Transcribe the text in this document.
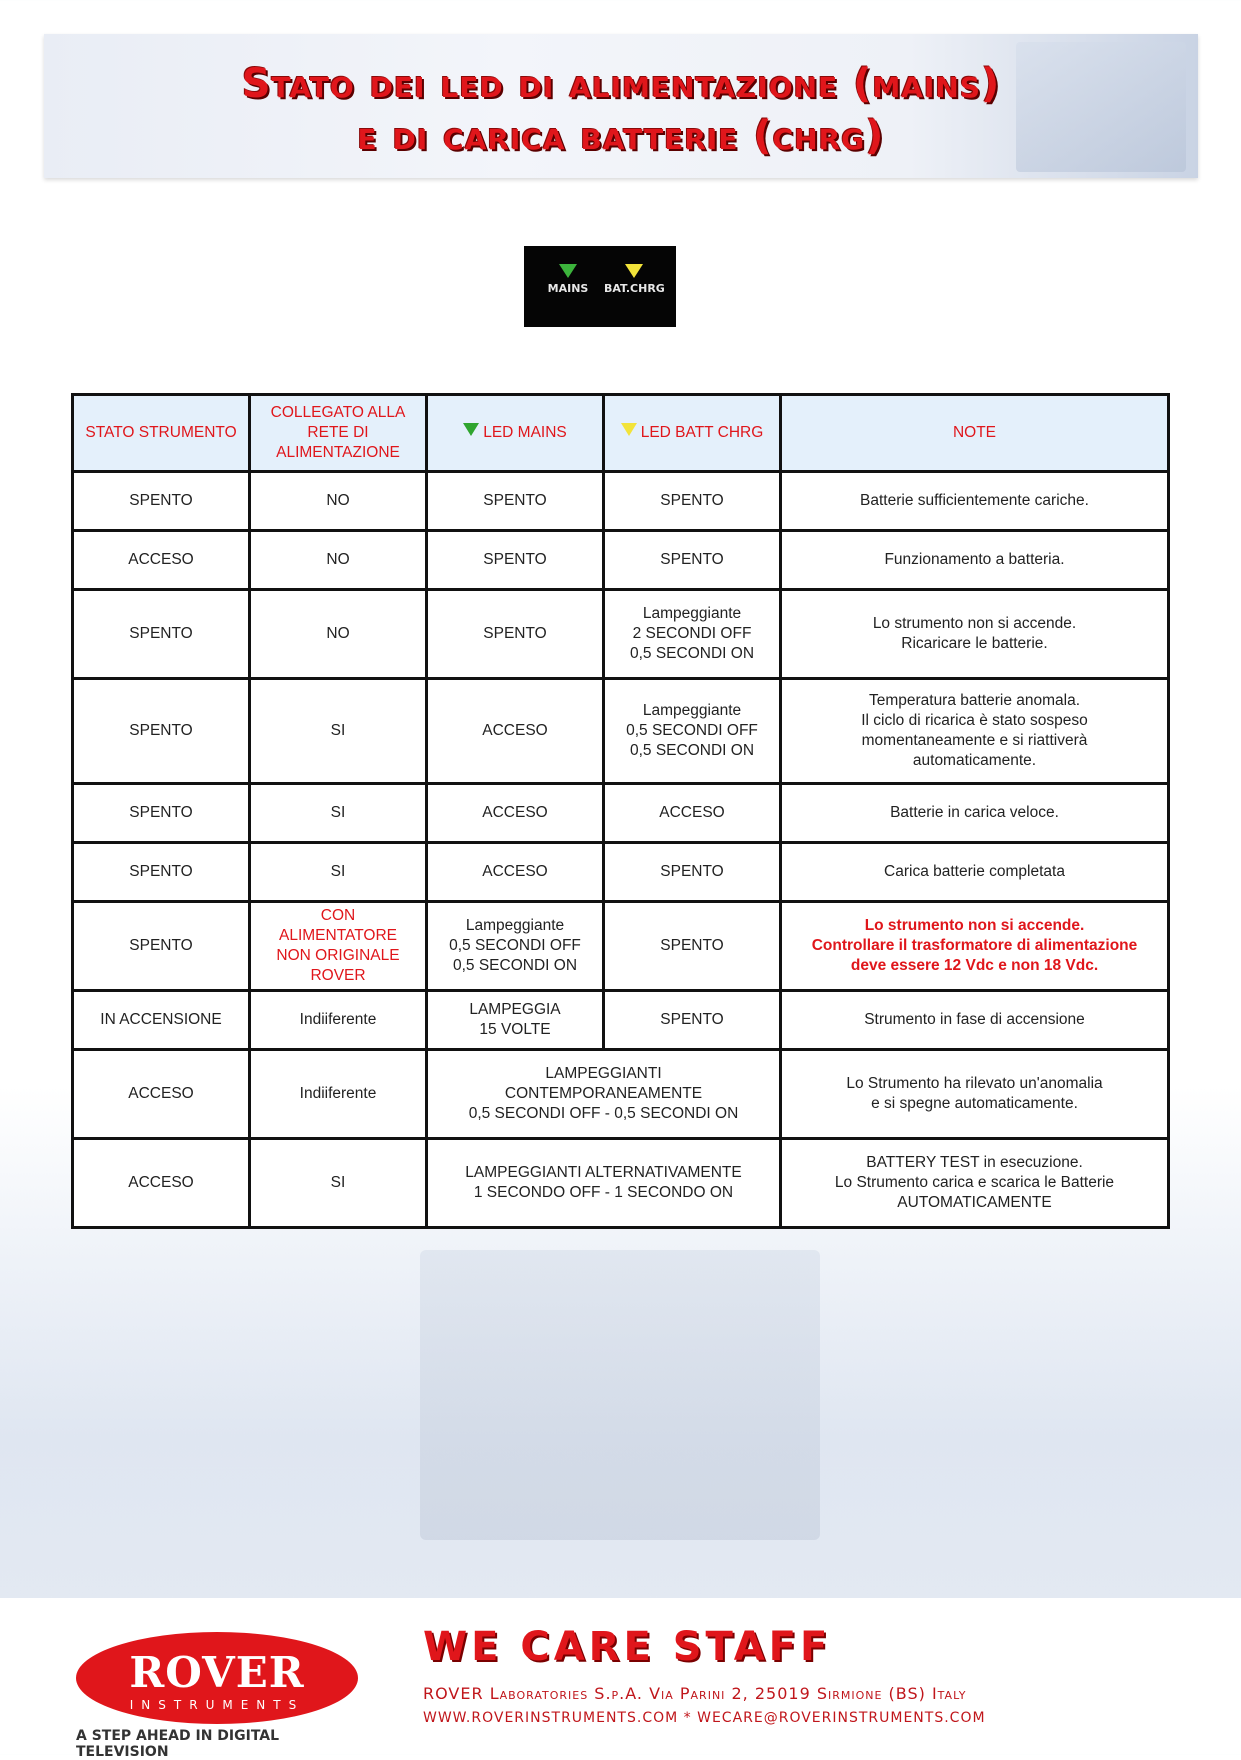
Stato dei led di alimentazione (mains)
e di carica batterie (chrg)
MAINS	BAT.CHRG
STATO STRUMENTO	COLLEGATO ALLA RETE DI ALIMENTAZIONE	LED MAINS	LED BATT CHRG	NOTE
SPENTO	NO	SPENTO	SPENTO	Batterie sufficientemente cariche.
ACCESO	NO	SPENTO	SPENTO	Funzionamento a batteria.
SPENTO	NO	SPENTO	Lampeggiante
2 SECONDI OFF
0,5 SECONDI ON	Lo strumento non si accende.
Ricaricare le batterie.
SPENTO	SI	ACCESO	Lampeggiante
0,5 SECONDI OFF
0,5 SECONDI ON	Temperatura batterie anomala.
Il ciclo di ricarica è stato sospeso
momentaneamente e si riattiverà
automaticamente.
SPENTO	SI	ACCESO	ACCESO	Batterie in carica veloce.
SPENTO	SI	ACCESO	SPENTO	Carica batterie completata
SPENTO	CON
ALIMENTATORE
NON ORIGINALE
ROVER	Lampeggiante
0,5 SECONDI OFF
0,5 SECONDI ON	SPENTO	Lo strumento non si accende.
Controllare il trasformatore di alimentazione
deve essere 12 Vdc e non 18 Vdc.
IN ACCENSIONE	Indiiferente	LAMPEGGIA
15 VOLTE	SPENTO	Strumento in fase di accensione
ACCESO	Indiiferente	LAMPEGGIANTI
CONTEMPORANEAMENTE
0,5 SECONDI OFF - 0,5 SECONDI ON		Lo Strumento ha rilevato un'anomalia
e si spegne automaticamente.
ACCESO	SI	LAMPEGGIANTI ALTERNATIVAMENTE
1 SECONDO OFF - 1 SECONDO ON		BATTERY TEST in esecuzione.
Lo Strumento carica e scarica le Batterie
AUTOMATICAMENTE
ROVER
INSTRUMENTS
A STEP AHEAD IN DIGITAL TELEVISION
WE CARE STAFF
ROVER Laboratories S.p.A. Via Parini 2, 25019 Sirmione (BS) Italy
WWW.ROVERINSTRUMENTS.COM * WECARE@ROVERINSTRUMENTS.COM
